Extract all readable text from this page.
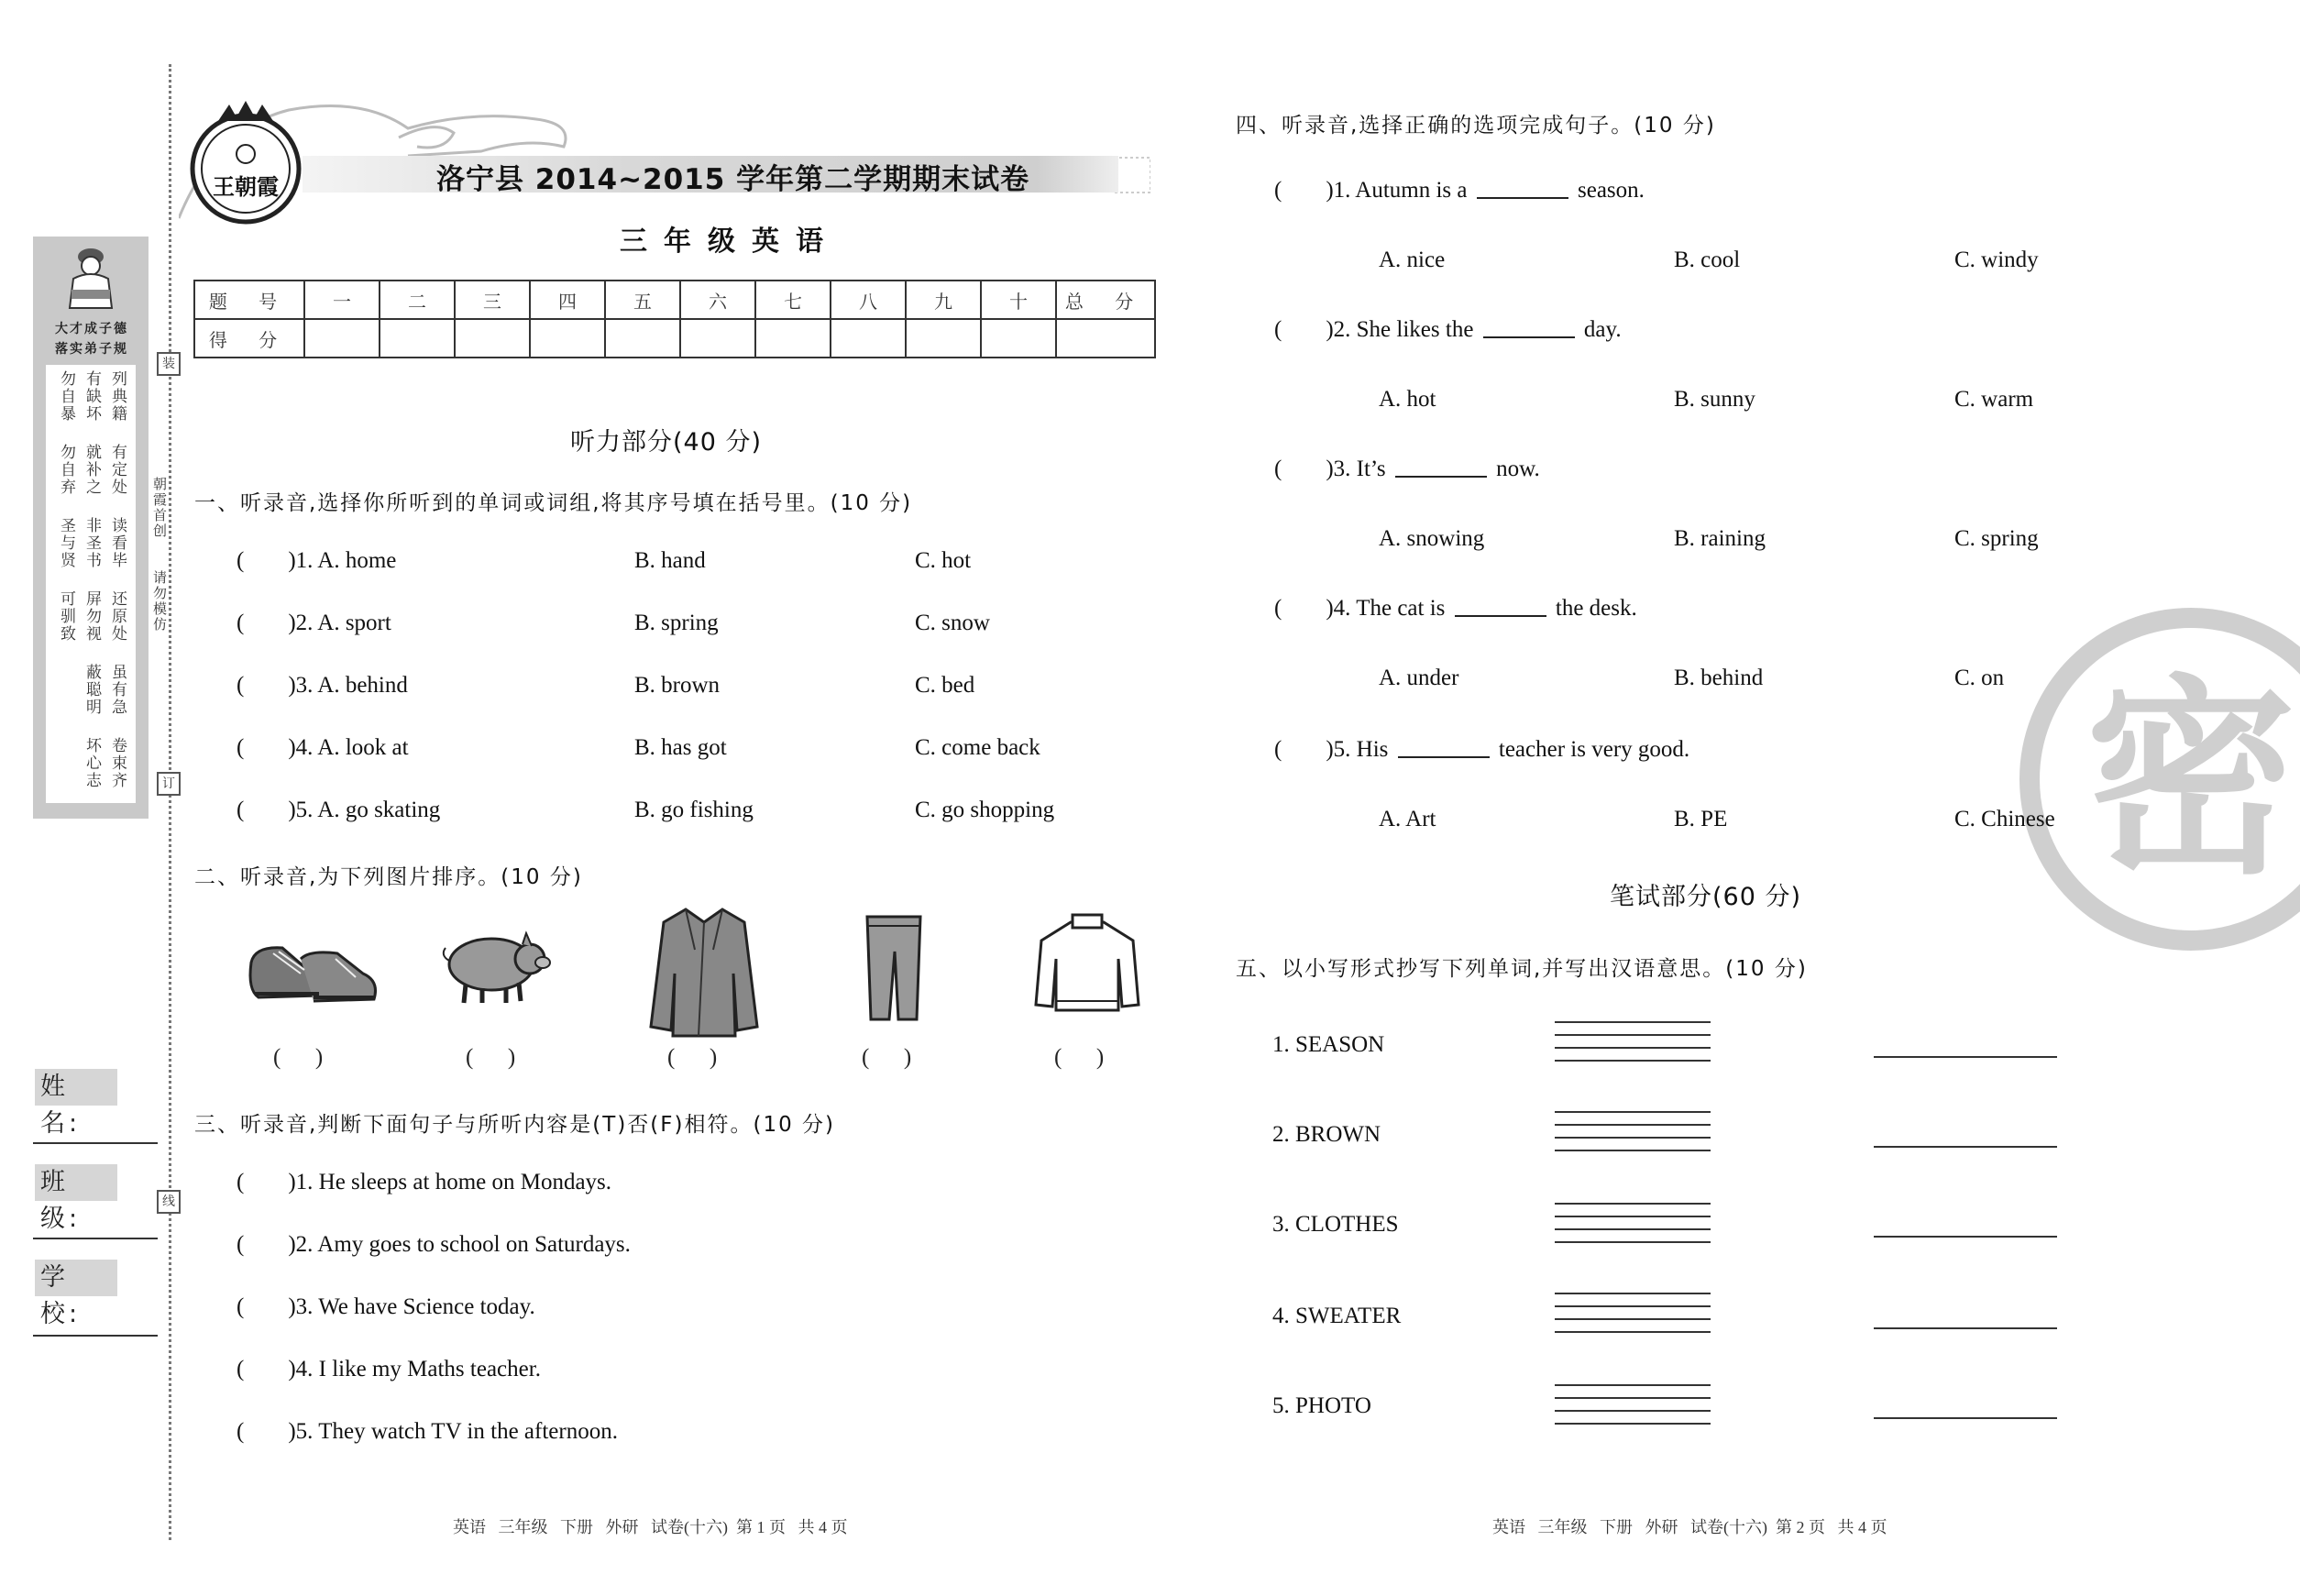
大才成子德
落实弟子规
勿自暴
勿自弃
圣与贤
可驯致
有缺坏
就补之
非圣书
屏勿视
蔽聪明
坏心志
列典籍
有定处
读看毕
还原处
虽有急
卷束齐
朝霞首创
请勿模仿
装
订
线
姓 名:
班 级:
学 校:
王朝霞	洛宁县 2014~2015 学年第二学期期末试卷
三年级英语
题 号	一	二	三	四	五	六	七	八	九	十	总 分
得 分											
听力部分(40 分)
一、听录音,选择你所听到的单词或词组,将其序号填在括号里。(10 分)
( )1. A. home	B. hand	C. hot
( )2. A. sport	B. spring	C. snow
( )3. A. behind	B. brown	C. bed
( )4. A. look at	B. has got	C. come back
( )5. A. go skating	B. go fishing	C. go shopping
二、听录音,为下列图片排序。(10 分)
(      )	(      )	(      )	(      )	(      )
三、听录音,判断下面句子与所听内容是(T)否(F)相符。(10 分)
( )1. He sleeps at home on Mondays.
( )2. Amy goes to school on Saturdays.
( )3. We have Science today.
( )4. I like my Maths teacher.
( )5. They watch TV in the afternoon.
英语   三年级   下册   外研   试卷(十六)  第 1 页   共 4 页
密
四、听录音,选择正确的选项完成句子。(10 分)
( )1. Autumn is a	season.
A. nice	B. cool	C. windy
( )2. She likes the	day.
A. hot	B. sunny	C. warm
( )3. It’s	now.
A. snowing	B. raining	C. spring
( )4. The cat is	the desk.
A. under	B. behind	C. on
( )5. His	teacher is very good.
A. Art	B. PE	C. Chinese
笔试部分(60 分)
五、以小写形式抄写下列单词,并写出汉语意思。(10 分)
1. SEASON
2. BROWN
3. CLOTHES
4. SWEATER
5. PHOTO
英语   三年级   下册   外研   试卷(十六)  第 2 页   共 4 页
